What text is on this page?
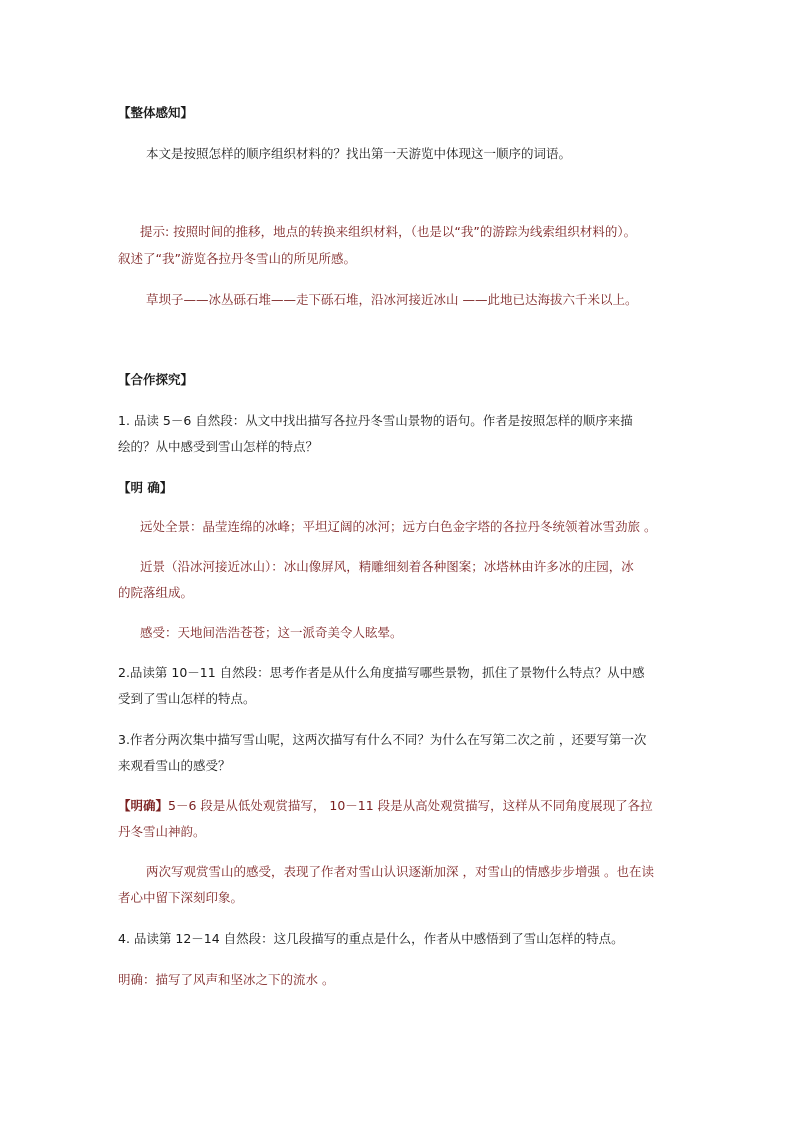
【整体感知】
本文是按照怎样的顺序组织材料的？找出第一天游览中体现这一顺序的词语。
提示: 按照时间的推移，地点的转换来组织材料，（也是以“我”的游踪为线索组织材料的）。
叙述了“我”游览各拉丹冬雪山的所见所感。
草坝子——冰丛砾石堆——走下砾石堆，沿冰河接近冰山 ——此地已达海拔六千米以上。
【合作探究】
1. 品读 5－6 自然段：从文中找出描写各拉丹冬雪山景物的语句。作者是按照怎样的顺序来描
绘的？从中感受到雪山怎样的特点？
【明 确】
远处全景：晶莹连绵的冰峰；平坦辽阔的冰河；远方白色金字塔的各拉丹冬统领着冰雪劲旅 。
近景（沿冰河接近冰山）：冰山像屏风，精雕细刻着各种图案；冰塔林由许多冰的庄园，冰
的院落组成。
感受：天地间浩浩苍苍；这一派奇美令人眩晕。
2.品读第 10－11 自然段：思考作者是从什么角度描写哪些景物，抓住了景物什么特点？从中感
受到了雪山怎样的特点。
3.作者分两次集中描写雪山呢，这两次描写有什么不同？为什么在写第二次之前 ，还要写第一次
来观看雪山的感受？
【明确】5－6 段是从低处观赏描写， 10－11 段是从高处观赏描写，这样从不同角度展现了各拉
丹冬雪山神韵。
两次写观赏雪山的感受，表现了作者对雪山认识逐渐加深 ，对雪山的情感步步增强 。也在读
者心中留下深刻印象。
4. 品读第 12－14 自然段：这几段描写的重点是什么，作者从中感悟到了雪山怎样的特点。
明确：描写了风声和坚冰之下的流水 。
